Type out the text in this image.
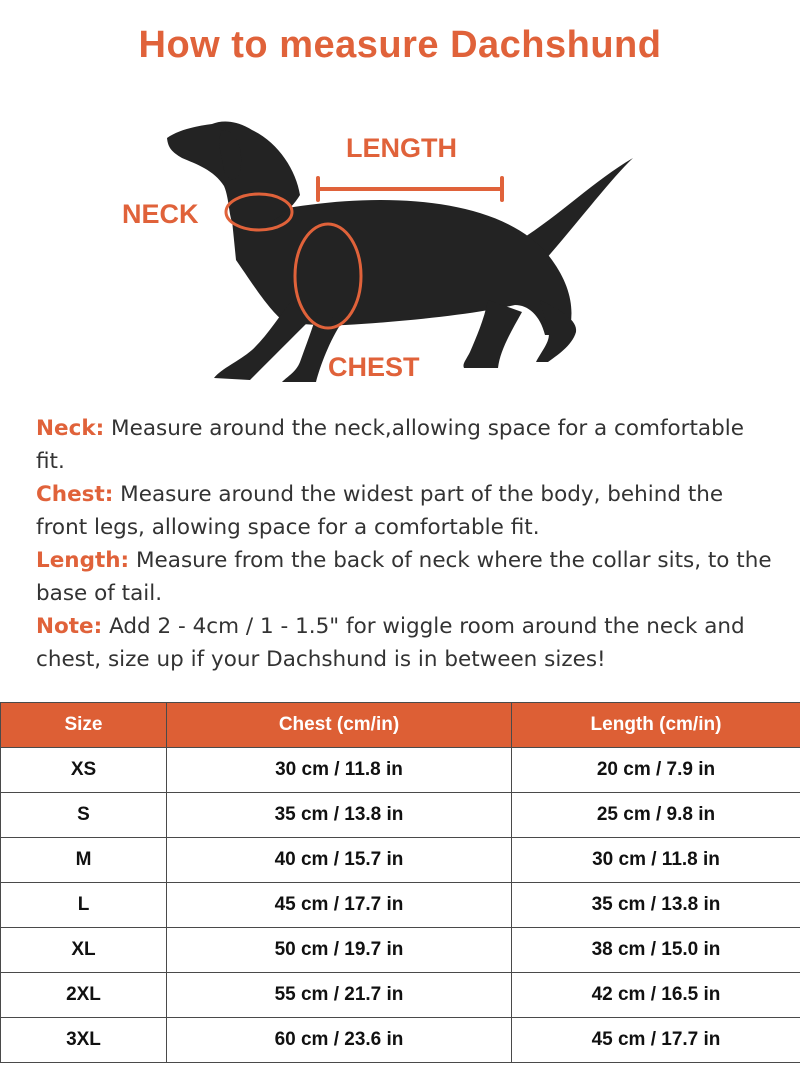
How to measure Dachshund
LENGTH
NECK
CHEST

Neck: Measure around the neck,allowing space for a comfortable fit.

Chest: Measure around the widest part of the body, behind the front legs, allowing space for a comfortable fit.

Length: Measure from the back of neck where the collar sits, to the base of tail.

Note: Add 2 - 4cm / 1 - 1.5" for wiggle room around the neck and chest, size up if your Dachshund is in between sizes!

Size	Chest (cm/in)	Length (cm/in)
XS	30 cm / 11.8 in	20 cm / 7.9 in
S	35 cm / 13.8 in	25 cm / 9.8 in
M	40 cm / 15.7 in	30 cm / 11.8 in
L	45 cm / 17.7 in	35 cm / 13.8 in
XL	50 cm / 19.7 in	38 cm / 15.0 in
2XL	55 cm / 21.7 in	42 cm / 16.5 in
3XL	60 cm / 23.6 in	45 cm / 17.7 in
